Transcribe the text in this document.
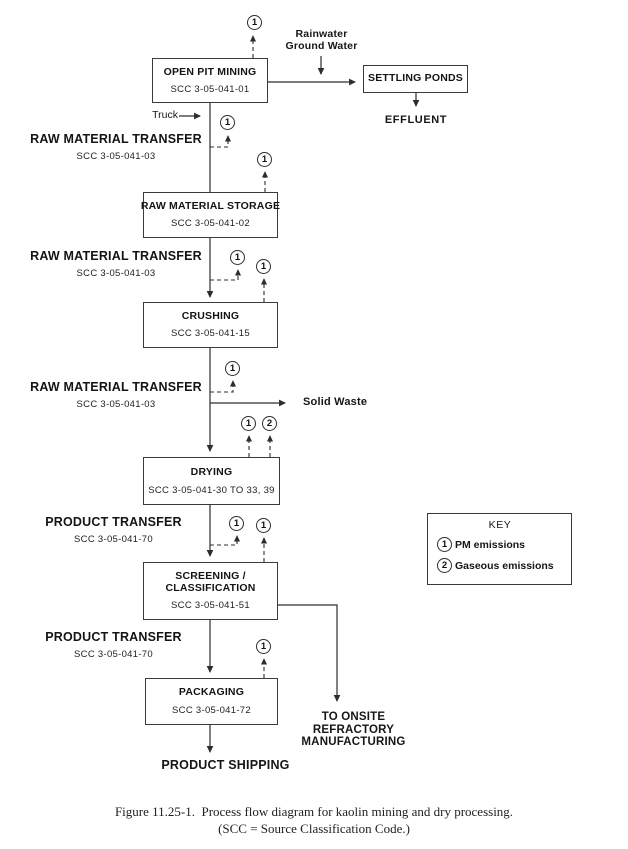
OPEN PIT MINING
SCC 3-05-041-01
SETTLING PONDS
RAW MATERIAL STORAGE
SCC 3-05-041-02
CRUSHING
SCC 3-05-041-15
DRYING
SCC 3-05-041-30 TO 33, 39
SCREENING /
CLASSIFICATION
SCC 3-05-041-51
PACKAGING
SCC 3-05-041-72
1
1
1
1
1
1
1	2
1	1
1
Rainwater
Ground Water
EFFLUENT
Truck
Solid Waste
PRODUCT SHIPPING
TO ONSITE
REFRACTORY
MANUFACTURING
RAW MATERIAL TRANSFER
SCC 3-05-041-03
RAW MATERIAL TRANSFER
SCC 3-05-041-03
RAW MATERIAL TRANSFER
SCC 3-05-041-03
PRODUCT TRANSFER
SCC 3-05-041-70
PRODUCT TRANSFER
SCC 3-05-041-70
KEY
1 PM emissions
2 Gaseous emissions
Figure 11.25-1.  Process flow diagram for kaolin mining and dry processing.
(SCC = Source Classification Code.)
